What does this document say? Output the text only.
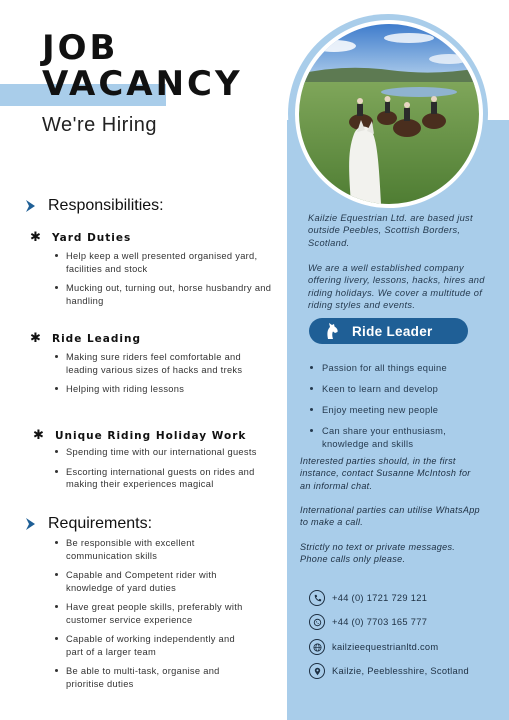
JOB
VACANCY
We're Hiring
Responsibilities:
✱	Yard Duties
Help keep a well presented organised yard, facilities and stock
Mucking out, turning out, horse husbandry and handling
✱	Ride Leading
Making sure riders feel comfortable and leading various sizes of hacks and treks
Helping with riding lessons
✱	Unique Riding Holiday Work
Spending time with our international guests
Escorting international guests on rides and making their experiences magical
Requirements:
Be responsible with excellent communication skills
Capable and Competent rider with knowledge of yard duties
Have great people skills, preferably with customer service experience
Capable of working independently and part of a larger team
Be able to multi-task, organise and prioritise duties
Kailzie Equestrian Ltd. are based just outside Peebles, Scottish Borders, Scotland.
We are a well established company offering livery, lessons, hacks, hires and riding holidays. We cover a multitude of riding styles and events.
Ride Leader
Passion for all things equine
Keen to learn and develop
Enjoy meeting new people
Can share your enthusiasm, knowledge and skills
Interested parties should, in the first instance, contact Susanne McIntosh for an informal chat.
International parties can utilise WhatsApp to make a call.
Strictly no text or private messages. Phone calls only please.
+44 (0) 1721 729 121
+44 (0) 7703 165 777
kailzieequestrianltd.com
Kailzie, Peeblesshire, Scotland
